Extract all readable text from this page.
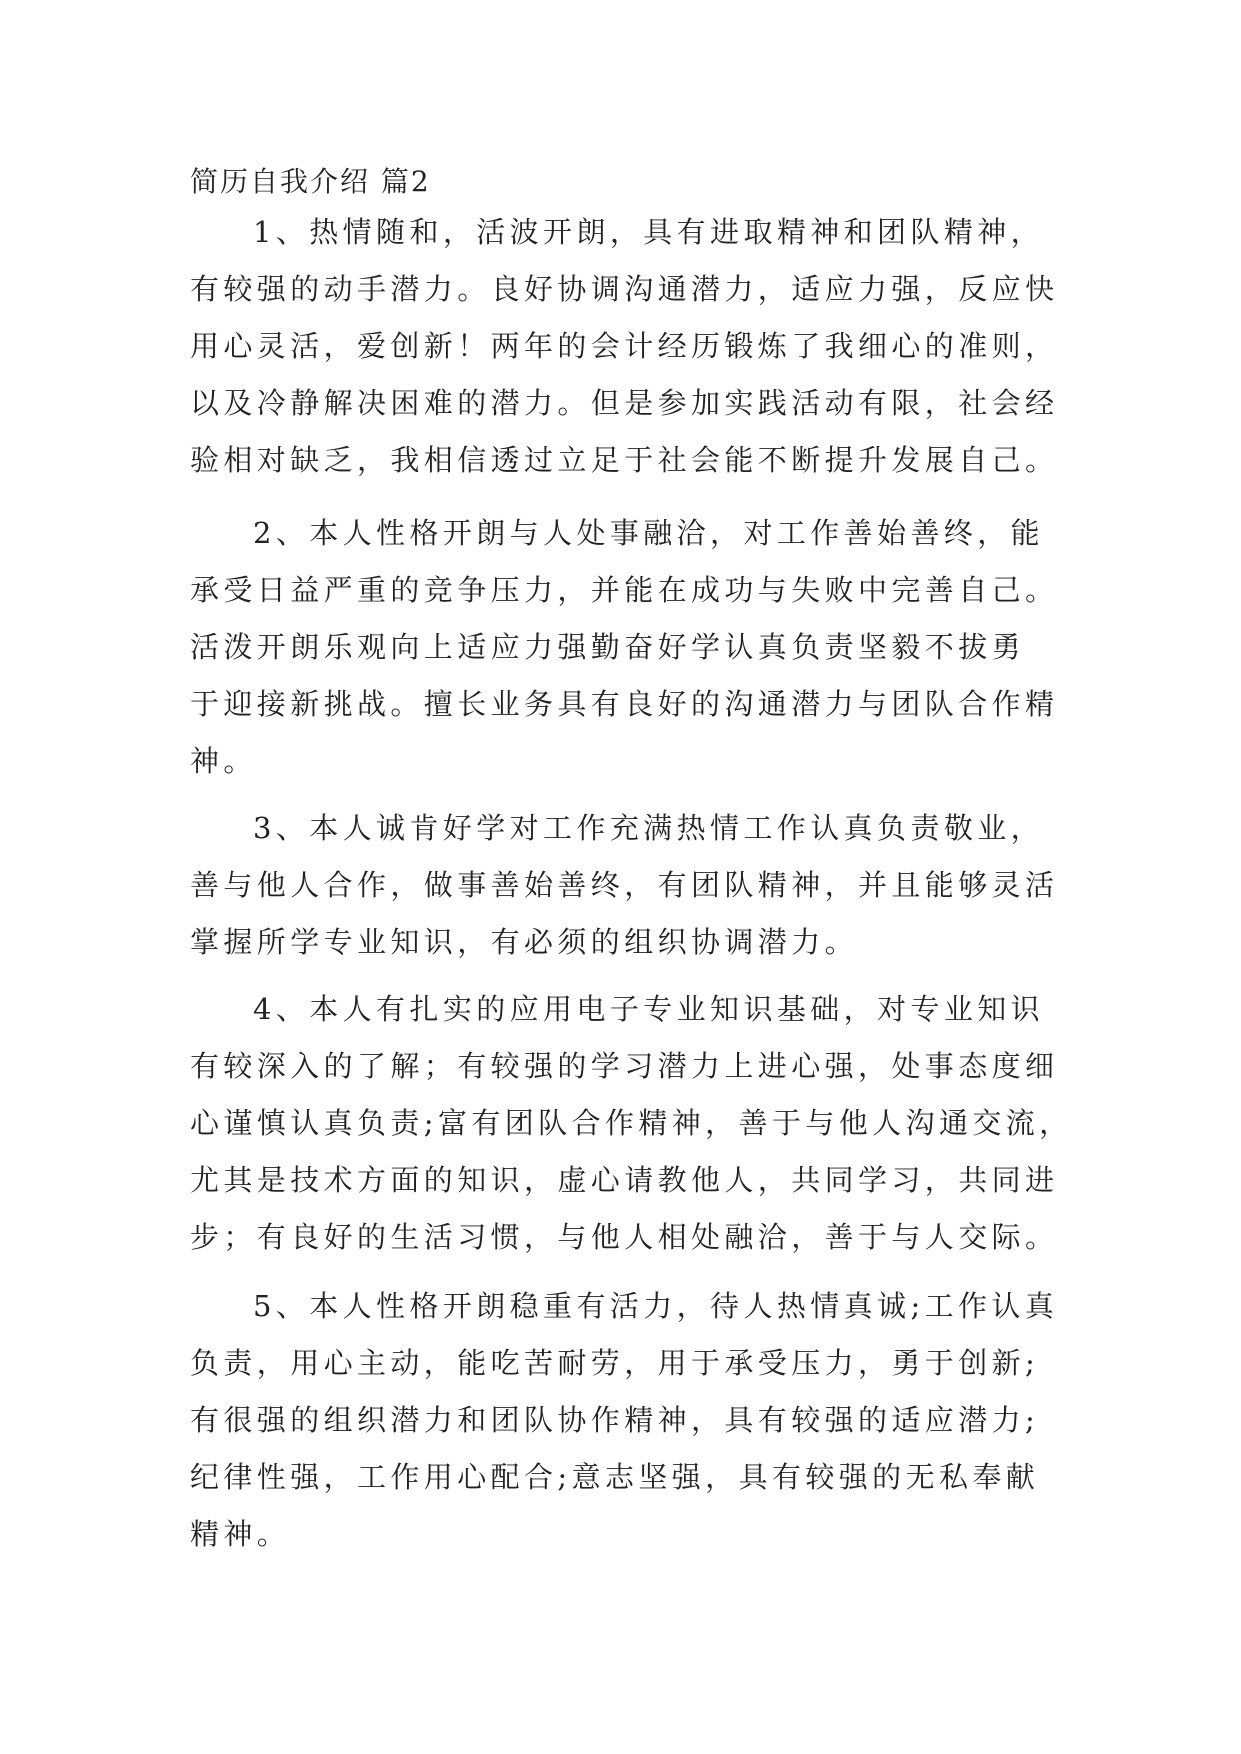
简历自我介绍 篇2
1、热情随和，活波开朗，具有进取精神和团队精神，
有较强的动手潜力。良好协调沟通潜力，适应力强，反应快
用心灵活，爱创新！两年的会计经历锻炼了我细心的准则，
以及冷静解决困难的潜力。但是参加实践活动有限，社会经
验相对缺乏，我相信透过立足于社会能不断提升发展自己。
2、本人性格开朗与人处事融洽，对工作善始善终，能
承受日益严重的竞争压力，并能在成功与失败中完善自己。
活泼开朗乐观向上适应力强勤奋好学认真负责坚毅不拔勇
于迎接新挑战。擅长业务具有良好的沟通潜力与团队合作精
神。
3、本人诚肯好学对工作充满热情工作认真负责敬业，
善与他人合作，做事善始善终，有团队精神，并且能够灵活
掌握所学专业知识，有必须的组织协调潜力。
4、本人有扎实的应用电子专业知识基础，对专业知识
有较深入的了解；有较强的学习潜力上进心强，处事态度细
心谨慎认真负责;富有团队合作精神，善于与他人沟通交流，
尤其是技术方面的知识，虚心请教他人，共同学习，共同进
步；有良好的生活习惯，与他人相处融洽，善于与人交际。
5、本人性格开朗稳重有活力，待人热情真诚;工作认真
负责，用心主动，能吃苦耐劳，用于承受压力，勇于创新;
有很强的组织潜力和团队协作精神，具有较强的适应潜力;
纪律性强，工作用心配合;意志坚强，具有较强的无私奉献
精神。
